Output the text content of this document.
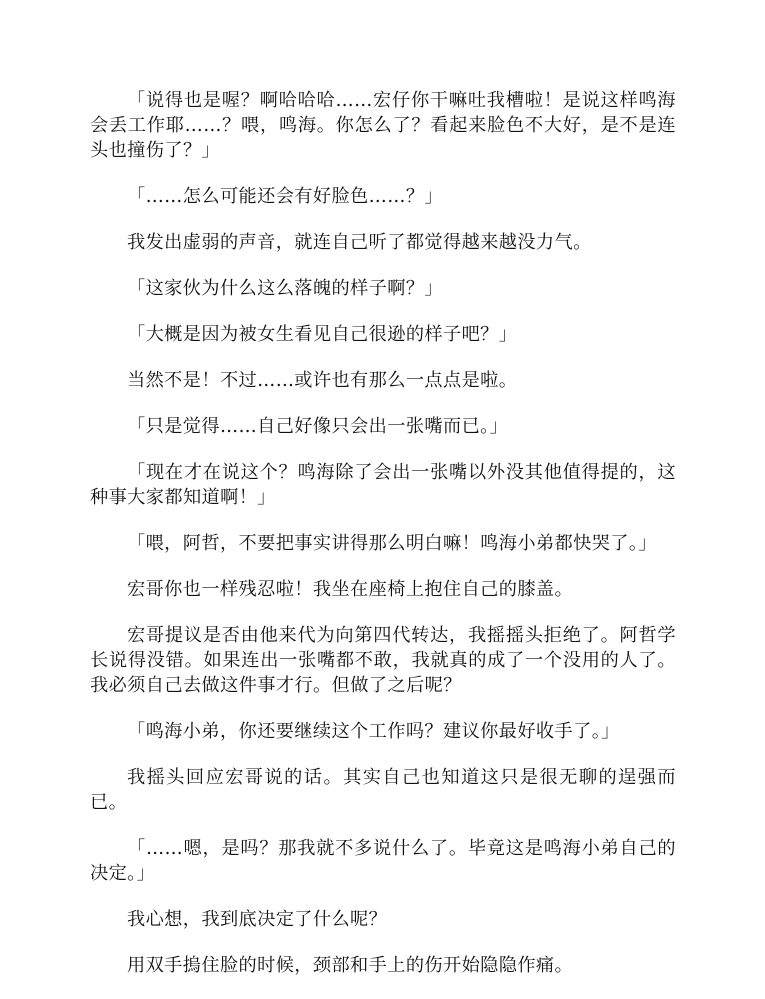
「说得也是喔？啊哈哈哈……宏仔你干嘛吐我槽啦！是说这样鸣海会丢工作耶……？喂，鸣海。你怎么了？看起来脸色不大好，是不是连头也撞伤了？」

「……怎么可能还会有好脸色……？」

我发出虚弱的声音，就连自己听了都觉得越来越没力气。

「这家伙为什么这么落魄的样子啊？」

「大概是因为被女生看见自己很逊的样子吧？」

当然不是！不过……或许也有那么一点点是啦。

「只是觉得……自己好像只会出一张嘴而已。」

「现在才在说这个？鸣海除了会出一张嘴以外没其他值得提的，这种事大家都知道啊！」

「喂，阿哲，不要把事实讲得那么明白嘛！鸣海小弟都快哭了。」

宏哥你也一样残忍啦！我坐在座椅上抱住自己的膝盖。

宏哥提议是否由他来代为向第四代转达，我摇摇头拒绝了。阿哲学长说得没错。如果连出一张嘴都不敢，我就真的成了一个没用的人了。我必须自己去做这件事才行。但做了之后呢？

「鸣海小弟，你还要继续这个工作吗？建议你最好收手了。」

我摇头回应宏哥说的话。其实自己也知道这只是很无聊的逞强而已。

「……嗯，是吗？那我就不多说什么了。毕竟这是鸣海小弟自己的决定。」

我心想，我到底决定了什么呢？

用双手摀住脸的时候，颈部和手上的伤开始隐隐作痛。
